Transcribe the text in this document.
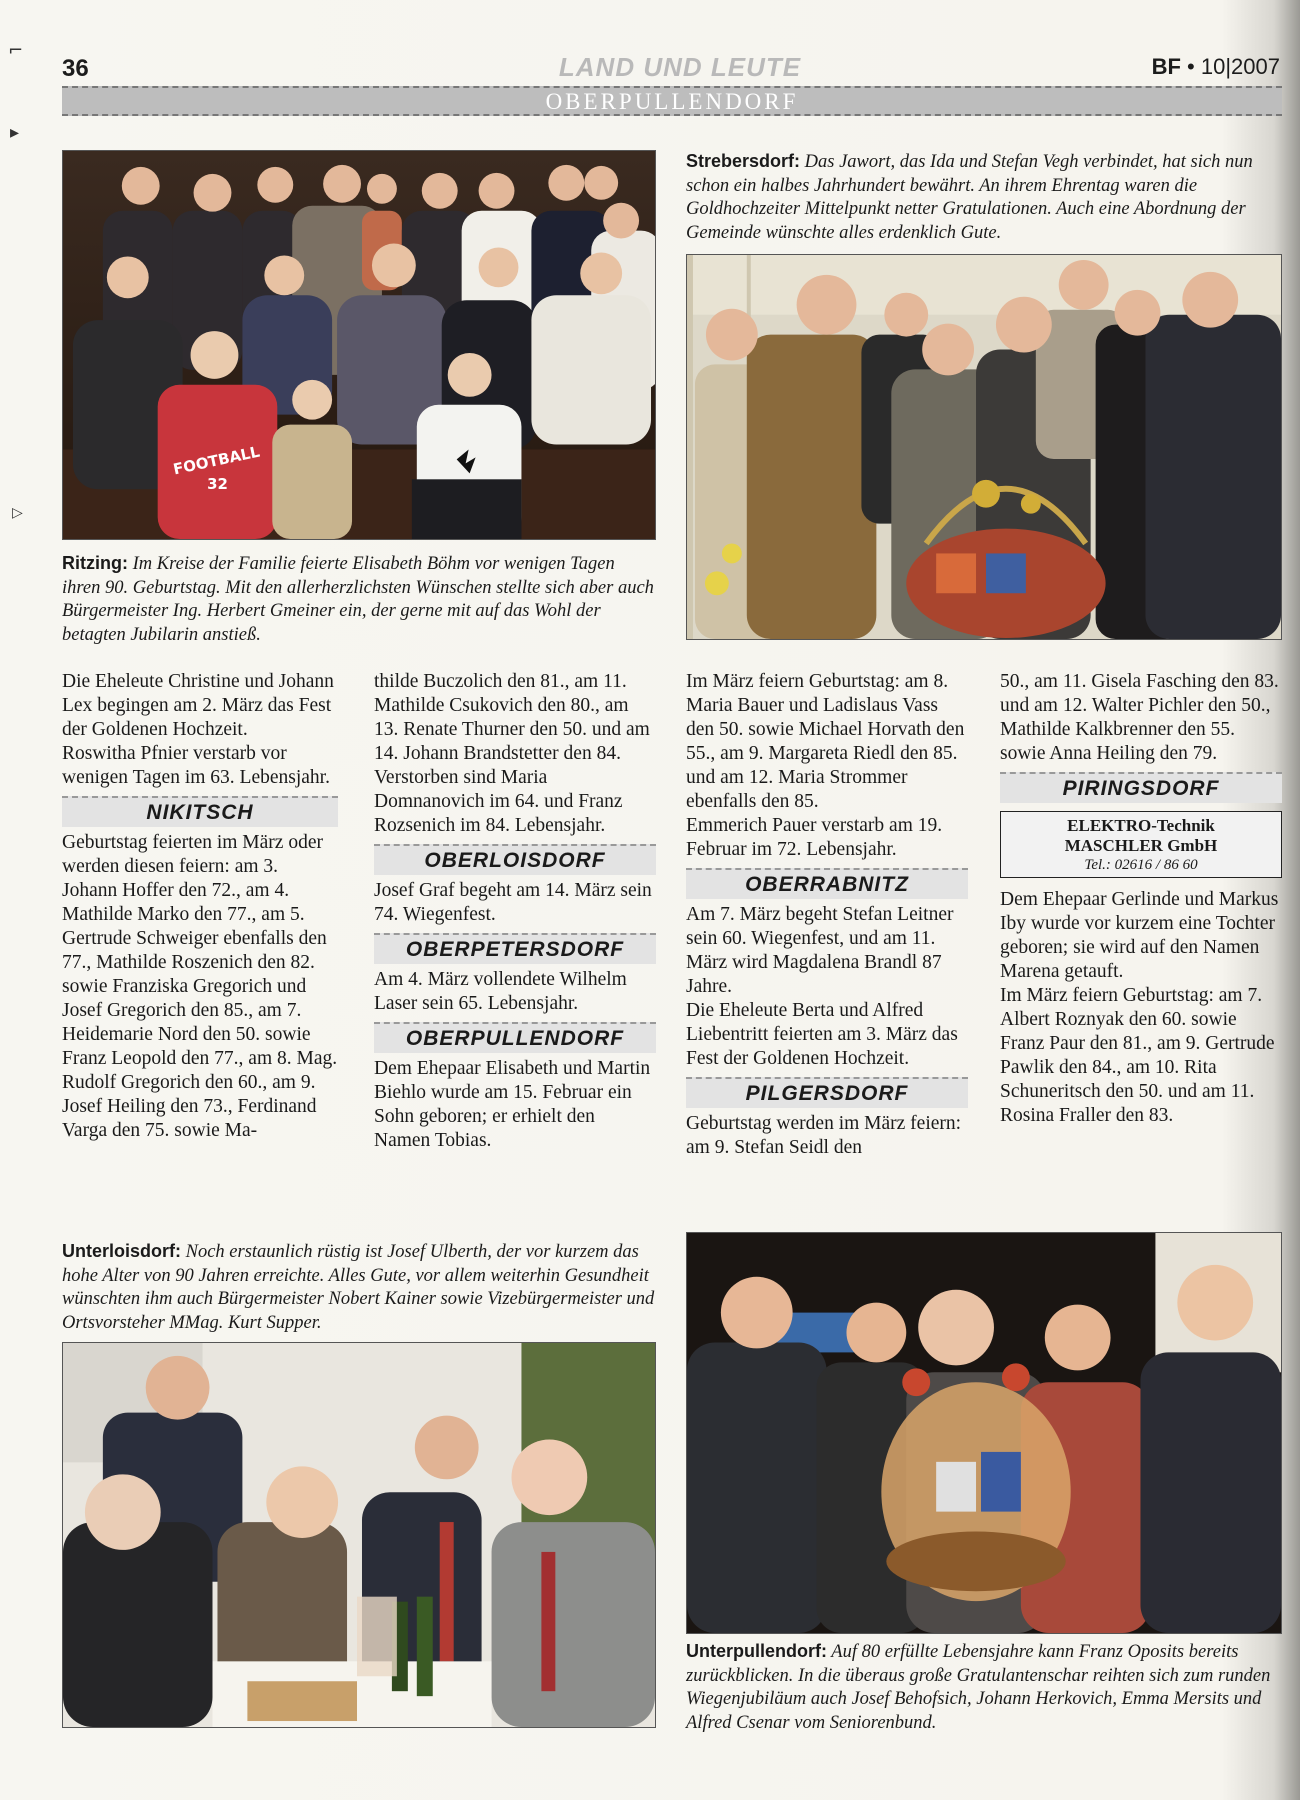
36	LAND UND LEUTE	BF • 10|2007
OBERPULLENDORF
⌐
▸
▷
FOOTBALL
32
Ritzing: Im Kreise der Familie feierte Elisabeth Böhm vor wenigen Tagen ihren 90. Geburtstag. Mit den allerherzlichsten Wünschen stellte sich aber auch Bürgermeister Ing. Herbert Gmeiner ein, der gerne mit auf das Wohl der betagten Jubilarin anstieß.
Strebersdorf: Das Jawort, das Ida und Stefan Vegh verbindet, hat sich nun schon ein halbes Jahrhundert bewährt. An ihrem Ehrentag waren die Goldhochzeiter Mittelpunkt netter Gratulationen. Auch eine Abordnung der Gemeinde wünschte alles erdenklich Gute.

Die Eheleute Christine und Johann Lex begingen am 2. März das Fest der Goldenen Hochzeit.

Roswitha Pfnier verstarb vor wenigen Tagen im 63. Lebensjahr.

NIKITSCH

Geburtstag feierten im März oder werden diesen feiern: am 3. Johann Hoffer den 72., am 4. Mathilde Marko den 77., am 5. Gertrude Schweiger ebenfalls den 77., Mathilde Roszenich den 82. sowie Franziska Gregorich und Josef Gregorich den 85., am 7. Heidemarie Nord den 50. sowie Franz Leopold den 77., am 8. Mag. Rudolf Gregorich den 60., am 9. Josef Heiling den 73., Ferdinand Varga den 75. sowie Ma-

thilde Buczolich den 81., am 11. Mathilde Csukovich den 80., am 13. Renate Thurner den 50. und am 14. Johann Brandstetter den 84. Verstorben sind Maria Domnanovich im 64. und Franz Rozsenich im 84. Lebensjahr.

OBERLOISDORF

Josef Graf begeht am 14. März sein 74. Wiegenfest.

OBERPETERSDORF

Am 4. März vollendete Wilhelm Laser sein 65. Lebensjahr.

OBERPULLENDORF

Dem Ehepaar Elisabeth und Martin Biehlo wurde am 15. Februar ein Sohn geboren; er erhielt den Namen Tobias.

Im März feiern Geburtstag: am 8. Maria Bauer und Ladislaus Vass den 50. sowie Michael Horvath den 55., am 9. Margareta Riedl den 85. und am 12. Maria Strommer ebenfalls den 85.

Emmerich Pauer verstarb am 19. Februar im 72. Lebensjahr.

OBERRABNITZ

Am 7. März begeht Stefan Leitner sein 60. Wiegenfest, und am 11. März wird Magdalena Brandl 87 Jahre.

Die Eheleute Berta und Alfred Liebentritt feierten am 3. März das Fest der Goldenen Hochzeit.

PILGERSDORF

Geburtstag werden im März feiern: am 9. Stefan Seidl den

50., am 11. Gisela Fasching den 83. und am 12. Walter Pichler den 50., Mathilde Kalkbrenner den 55. sowie Anna Heiling den 79.

PIRINGSDORF
ELEKTRO-Technik
MASCHLER GmbH
Tel.: 02616 / 86 60

Dem Ehepaar Gerlinde und Markus Iby wurde vor kurzem eine Tochter geboren; sie wird auf den Namen Marena getauft.

Im März feiern Geburtstag: am 7. Albert Roznyak den 60. sowie Franz Paur den 81., am 9. Gertrude Pawlik den 84., am 10. Rita Schuneritsch den 50. und am 11. Rosina Fraller den 83.

Unterloisdorf: Noch erstaunlich rüstig ist Josef Ulberth, der vor kurzem das hohe Alter von 90 Jahren erreichte. Alles Gute, vor allem weiterhin Gesundheit wünschten ihm auch Bürgermeister Nobert Kainer sowie Vizebürgermeister und Ortsvorsteher MMag. Kurt Supper.
Unterpullendorf: Auf 80 erfüllte Lebensjahre kann Franz Oposits bereits zurückblicken. In die überaus große Gratulantenschar reihten sich zum runden Wiegenjubiläum auch Josef Behofsich, Johann Herkovich, Emma Mersits und Alfred Csenar vom Seniorenbund.
